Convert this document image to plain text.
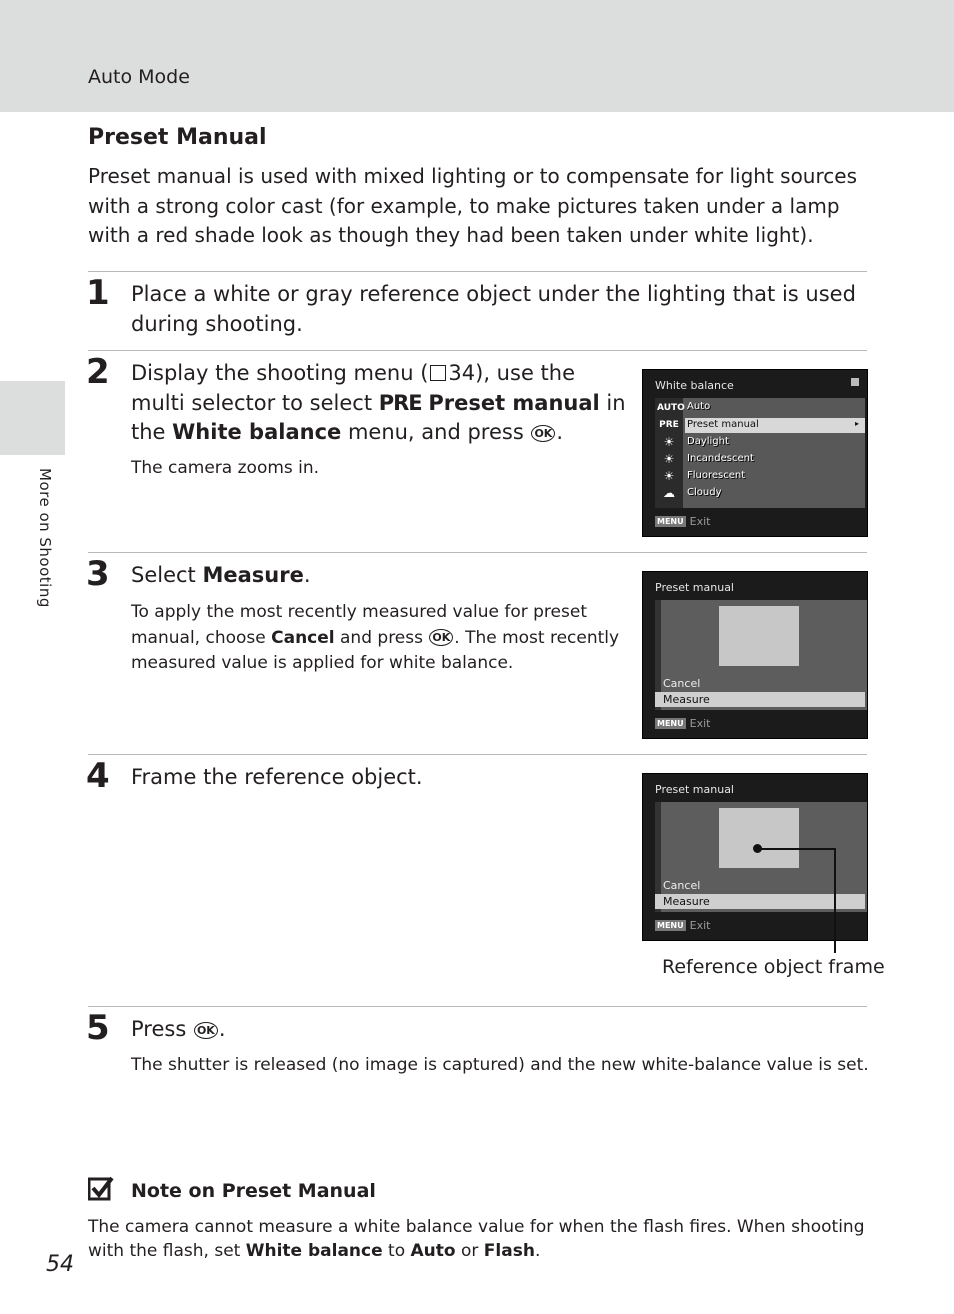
Auto Mode
More on Shooting
Preset Manual
Preset manual is used with mixed lighting or to compensate for light sources with a strong color cast (for example, to make pictures taken under a lamp with a red shade look as though they had been taken under white light).
1 Place a white or gray reference object under the lighting that is used during shooting.
2 Display the shooting menu ( 34), use the multi selector to select PRE Preset manual in the White balance menu, and press OK .
The camera zooms in.
White balance
AUTO
PRE
☀
☀
☀
☁
Auto
Preset manual	▸
Daylight
Incandescent
Fluorescent
Cloudy
MENU Exit
3 Select Measure.
To apply the most recently measured value for preset manual, choose Cancel and press OK . The most recently measured value is applied for white balance.
Preset manual
Cancel
Measure
MENU Exit
4 Frame the reference object.
Preset manual
Cancel
Measure
MENU Exit
Reference object frame
5 Press OK .
The shutter is released (no image is captured) and the new white-balance value is set.
Note on Preset Manual
The camera cannot measure a white balance value for when the flash fires. When shooting with the flash, set White balance to Auto or Flash.
54
